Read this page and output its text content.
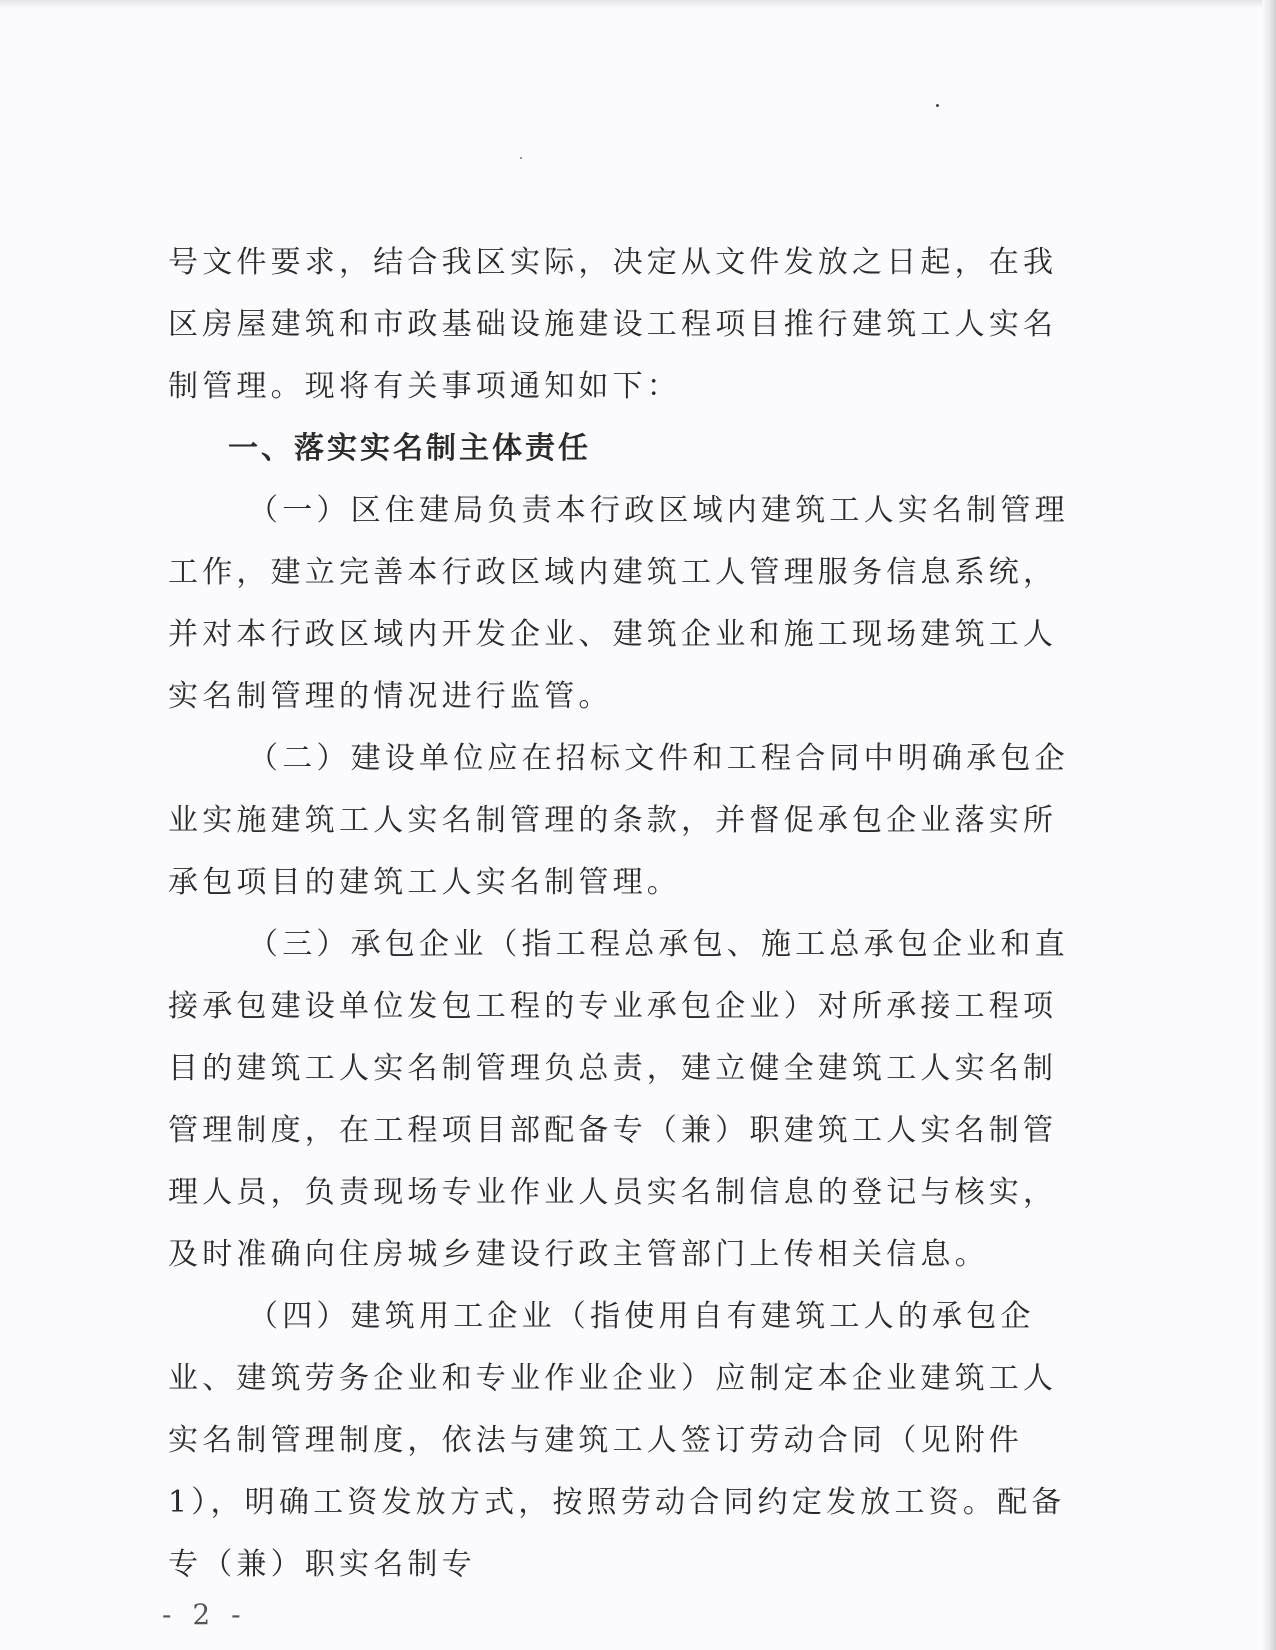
号文件要求，结合我区实际，决定从文件发放之日起，在我区房屋建筑和市政基础设施建设工程项目推行建筑工人实名制管理。现将有关事项通知如下：

一、落实实名制主体责任

（一）区住建局负责本行政区域内建筑工人实名制管理工作，建立完善本行政区域内建筑工人管理服务信息系统，并对本行政区域内开发企业、建筑企业和施工现场建筑工人实名制管理的情况进行监管。

（二）建设单位应在招标文件和工程合同中明确承包企业实施建筑工人实名制管理的条款，并督促承包企业落实所承包项目的建筑工人实名制管理。

（三）承包企业（指工程总承包、施工总承包企业和直接承包建设单位发包工程的专业承包企业）对所承接工程项目的建筑工人实名制管理负总责，建立健全建筑工人实名制管理制度，在工程项目部配备专（兼）职建筑工人实名制管理人员，负责现场专业作业人员实名制信息的登记与核实，及时准确向住房城乡建设行政主管部门上传相关信息。

（四）建筑用工企业（指使用自有建筑工人的承包企业、建筑劳务企业和专业作业企业）应制定本企业建筑工人实名制管理制度，依法与建筑工人签订劳动合同（见附件1），明确工资发放方式，按照劳动合同约定发放工资。配备专（兼）职实名制专

- 2 -
